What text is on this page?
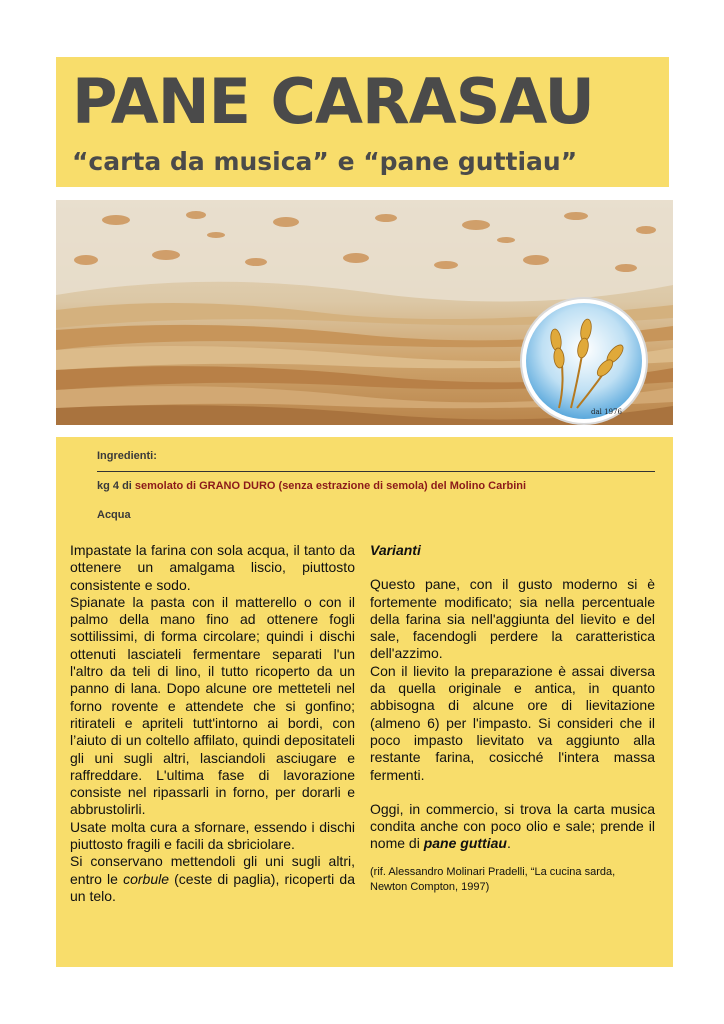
PANE CARASAU
“carta da musica” e “pane guttiau”
dal 1976

Ingredienti:

kg 4 di semolato di GRANO DURO (senza estrazione di semola) del Molino Carbini

Acqua

Impastate la farina con sola acqua, il tanto da ottenere un amalgama liscio, piuttosto consistente e sodo.

Spianate la pasta con il matterello o con il palmo della mano fino ad ottenere fogli sottilissimi, di forma circolare; quindi i dischi ottenuti lasciateli fermentare separati l'un l'altro da teli di lino, il tutto ricoperto da un panno di lana. Dopo alcune ore metteteli nel forno rovente e attendete che si gonfino; ritirateli e apriteli tutt'intorno ai bordi, con l’aiuto di un coltello affilato, quindi depositateli gli uni sugli altri, lasciandoli asciugare e raffreddare. L'ultima fase di lavorazione consiste nel ripassarli in forno, per dorarli e abbrustolirli.

Usate molta cura a sfornare, essendo i dischi piuttosto fragili e facili da sbriciolare.

Si conservano mettendoli gli uni sugli altri, entro le corbule (ceste di paglia), ricoperti da un telo.

Varianti

Questo pane, con il gusto moderno si è fortemente modificato; sia nella percentuale della farina sia nell'aggiunta del lievito e del sale, facendogli perdere la caratteristica dell'azzimo.

Con il lievito la preparazione è assai diversa da quella originale e antica, in quanto abbisogna di alcune ore di lievitazione (almeno 6) per l'impasto. Si consideri che il poco impasto lievitato va aggiunto alla restante farina, cosicché l'intera massa fermenti.

Oggi, in commercio, si trova la carta musica condita anche con poco olio e sale; prende il nome di pane guttiau.

(rif. Alessandro Molinari Pradelli, “La cucina sarda, Newton Compton, 1997)
